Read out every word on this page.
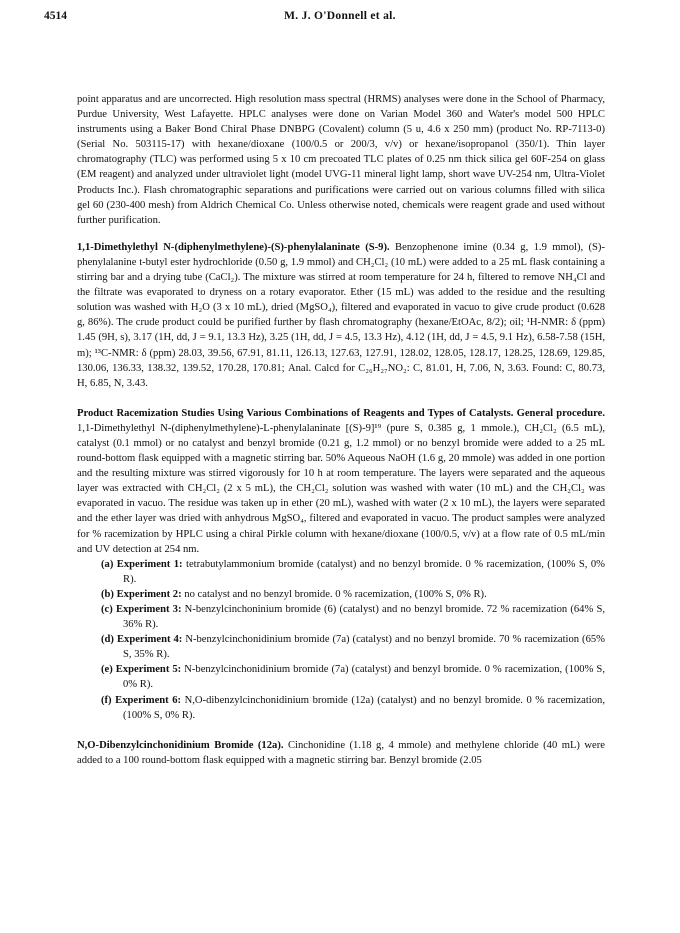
4514	M. J. O'Donnell et al.

point apparatus and are uncorrected. High resolution mass spectral (HRMS) analyses were done in the School of Pharmacy, Purdue University, West Lafayette. HPLC analyses were done on Varian Model 360 and Water's model 500 HPLC instruments using a Baker Bond Chiral Phase DNBPG (Covalent) column (5 u, 4.6 x 250 mm) (product No. RP-7113-0) (Serial No. 503115-17) with hexane/dioxane (100/0.5 or 200/3, v/v) or hexane/isopropanol (350/1). Thin layer chromatography (TLC) was performed using 5 x 10 cm precoated TLC plates of 0.25 nm thick silica gel 60F-254 on glass (EM reagent) and analyzed under ultraviolet light (model UVG-11 mineral light lamp, short wave UV-254 nm, Ultra-Violet Products Inc.). Flash chromatographic separations and purifications were carried out on various columns filled with silica gel 60 (230-400 mesh) from Aldrich Chemical Co. Unless otherwise noted, chemicals were reagent grade and used without further purification.

1,1-Dimethylethyl N-(diphenylmethylene)-(S)-phenylalaninate (S-9). Benzophenone imine (0.34 g, 1.9 mmol), (S)-phenylalanine t-butyl ester hydrochloride (0.50 g, 1.9 mmol) and CH₂Cl₂ (10 mL) were added to a 25 mL flask containing a stirring bar and a drying tube (CaCl₂). The mixture was stirred at room temperature for 24 h, filtered to remove NH₄Cl and the filtrate was evaporated to dryness on a rotary evaporator. Ether (15 mL) was added to the residue and the resulting solution was washed with H₂O (3 x 10 mL), dried (MgSO₄), filtered and evaporated in vacuo to give crude product (0.628 g, 86%). The crude product could be purified further by flash chromatography (hexane/EtOAc, 8/2); oil; ¹H-NMR: δ (ppm) 1.45 (9H, s), 3.17 (1H, dd, J = 9.1, 13.3 Hz), 3.25 (1H, dd, J = 4.5, 13.3 Hz), 4.12 (1H, dd, J = 4.5, 9.1 Hz), 6.58-7.58 (15H, m); ¹³C-NMR: δ (ppm) 28.03, 39.56, 67.91, 81.11, 126.13, 127.63, 127.91, 128.02, 128.05, 128.17, 128.25, 128.69, 129.85, 130.06, 136.33, 138.32, 139.52, 170.28, 170.81; Anal. Calcd for C₂₆H₂₇NO₂: C, 81.01, H, 7.06, N, 3.63. Found: C, 80.73, H, 6.85, N, 3.43.

Product Racemization Studies Using Various Combinations of Reagents and Types of Catalysts. General procedure. 1,1-Dimethylethyl N-(diphenylmethylene)-L-phenylalaninate [(S)-9]¹⁹ (pure S, 0.385 g, 1 mmole.), CH₂Cl₂ (6.5 mL), catalyst (0.1 mmol) or no catalyst and benzyl bromide (0.21 g, 1.2 mmol) or no benzyl bromide were added to a 25 mL round-bottom flask equipped with a magnetic stirring bar. 50% Aqueous NaOH (1.6 g, 20 mmole) was added in one portion and the resulting mixture was stirred vigorously for 10 h at room temperature. The layers were separated and the aqueous layer was extracted with CH₂Cl₂ (2 x 5 mL), the CH₂Cl₂ solution was washed with water (10 mL) and the CH₂Cl₂ was evaporated in vacuo. The residue was taken up in ether (20 mL), washed with water (2 x 10 mL), the layers were separated and the ether layer was dried with anhydrous MgSO₄, filtered and evaporated in vacuo. The product samples were analyzed for % racemization by HPLC using a chiral Pirkle column with hexane/dioxane (100/0.5, v/v) at a flow rate of 0.5 mL/min and UV detection at 254 nm.

(a) Experiment 1: tetrabutylammonium bromide (catalyst) and no benzyl bromide. 0 % racemization, (100% S, 0% R).
(b) Experiment 2: no catalyst and no benzyl bromide. 0 % racemization, (100% S, 0% R).
(c) Experiment 3: N-benzylcinchoninium bromide (6) (catalyst) and no benzyl bromide. 72 % racemization (64% S, 36% R).
(d) Experiment 4: N-benzylcinchonidinium bromide (7a) (catalyst) and no benzyl bromide. 70 % racemization (65% S, 35% R).
(e) Experiment 5: N-benzylcinchonidinium bromide (7a) (catalyst) and benzyl bromide. 0 % racemization, (100% S, 0% R).
(f) Experiment 6: N,O-dibenzylcinchonidinium bromide (12a) (catalyst) and no benzyl bromide. 0 % racemization, (100% S, 0% R).

N,O-Dibenzylcinchonidinium Bromide (12a). Cinchonidine (1.18 g, 4 mmole) and methylene chloride (40 mL) were added to a 100 round-bottom flask equipped with a magnetic stirring bar. Benzyl bromide (2.05
